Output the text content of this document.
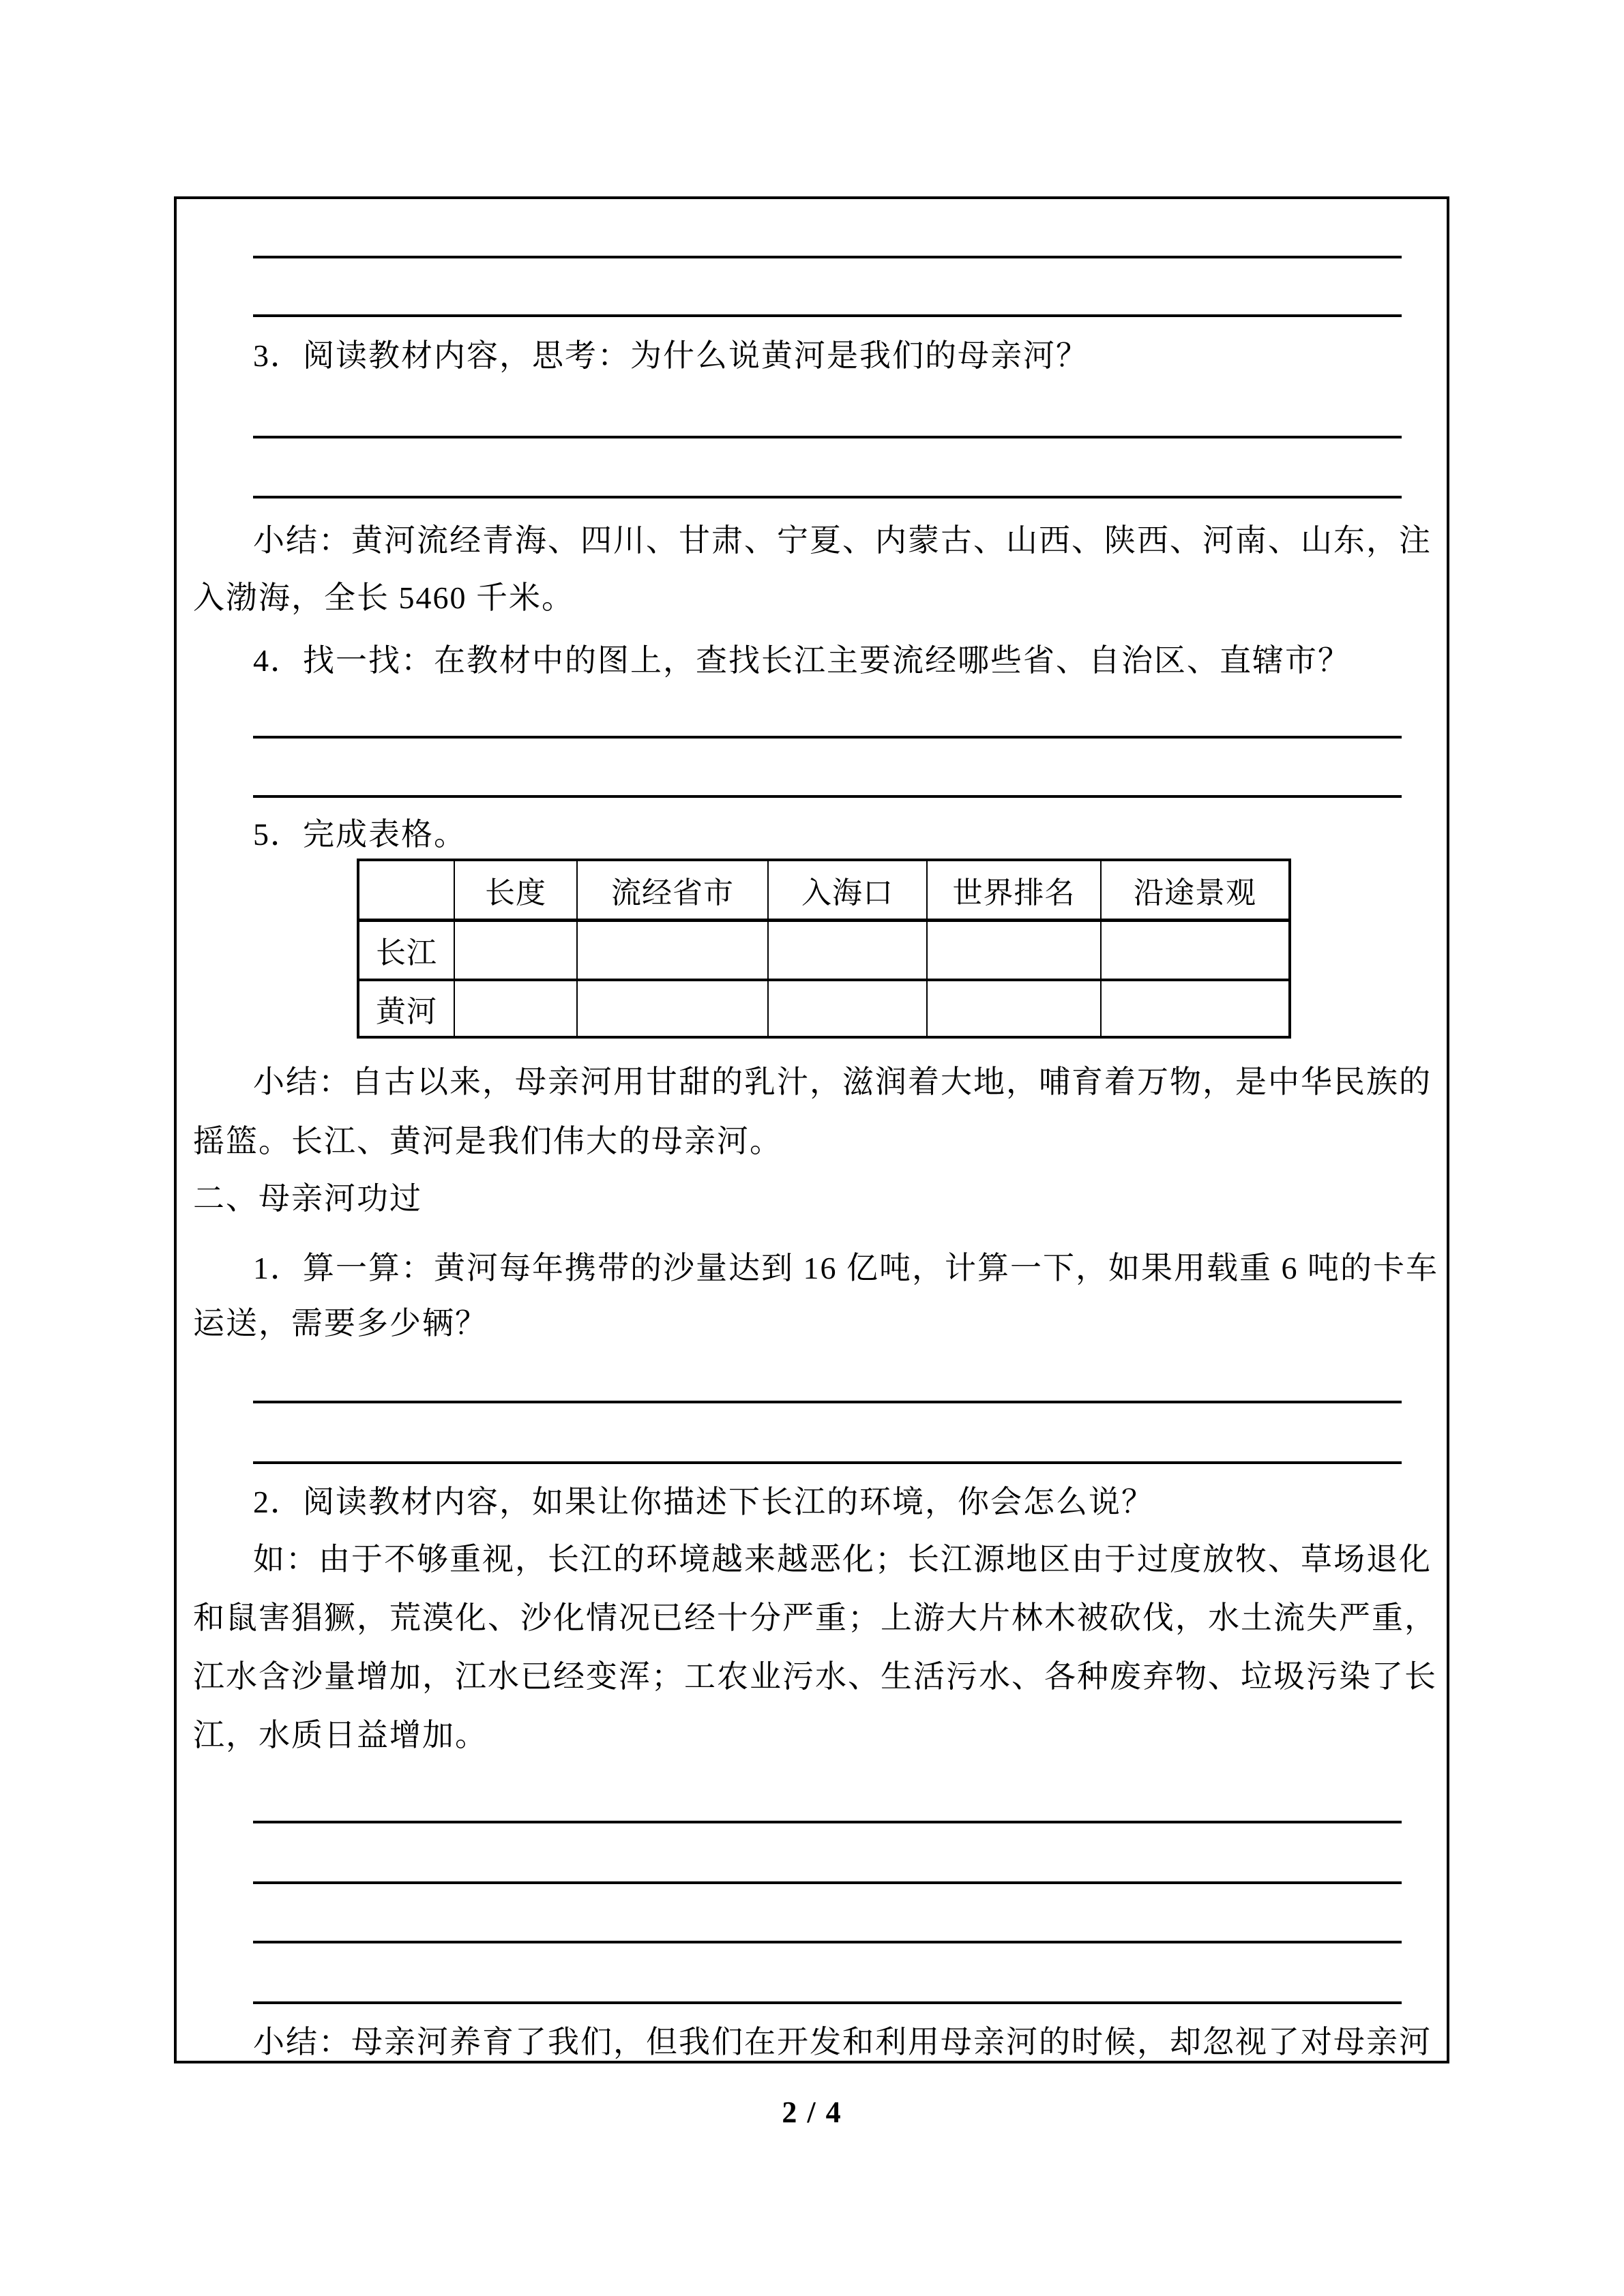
3．阅读教材内容，思考：为什么说黄河是我们的母亲河？
小结：黄河流经青海、四川、甘肃、宁夏、内蒙古、山西、陕西、河南、山东，注
入渤海，全长 5460 千米。
4．找一找：在教材中的图上，查找长江主要流经哪些省、自治区、直辖市？
5．完成表格。
	长度	流经省市	入海口	世界排名	沿途景观
长江					
黄河					
小结：自古以来，母亲河用甘甜的乳汁，滋润着大地，哺育着万物，是中华民族的
摇篮。长江、黄河是我们伟大的母亲河。
二、母亲河功过
1．算一算：黄河每年携带的沙量达到 16 亿吨，计算一下，如果用载重 6 吨的卡车
运送，需要多少辆？
2．阅读教材内容，如果让你描述下长江的环境，你会怎么说？
如：由于不够重视，长江的环境越来越恶化；长江源地区由于过度放牧、草场退化
和鼠害猖獗，荒漠化、沙化情况已经十分严重；上游大片林木被砍伐，水土流失严重，
江水含沙量增加，江水已经变浑；工农业污水、生活污水、各种废弃物、垃圾污染了长
江，水质日益增加。
小结：母亲河养育了我们，但我们在开发和利用母亲河的时候，却忽视了对母亲河
2 / 4
